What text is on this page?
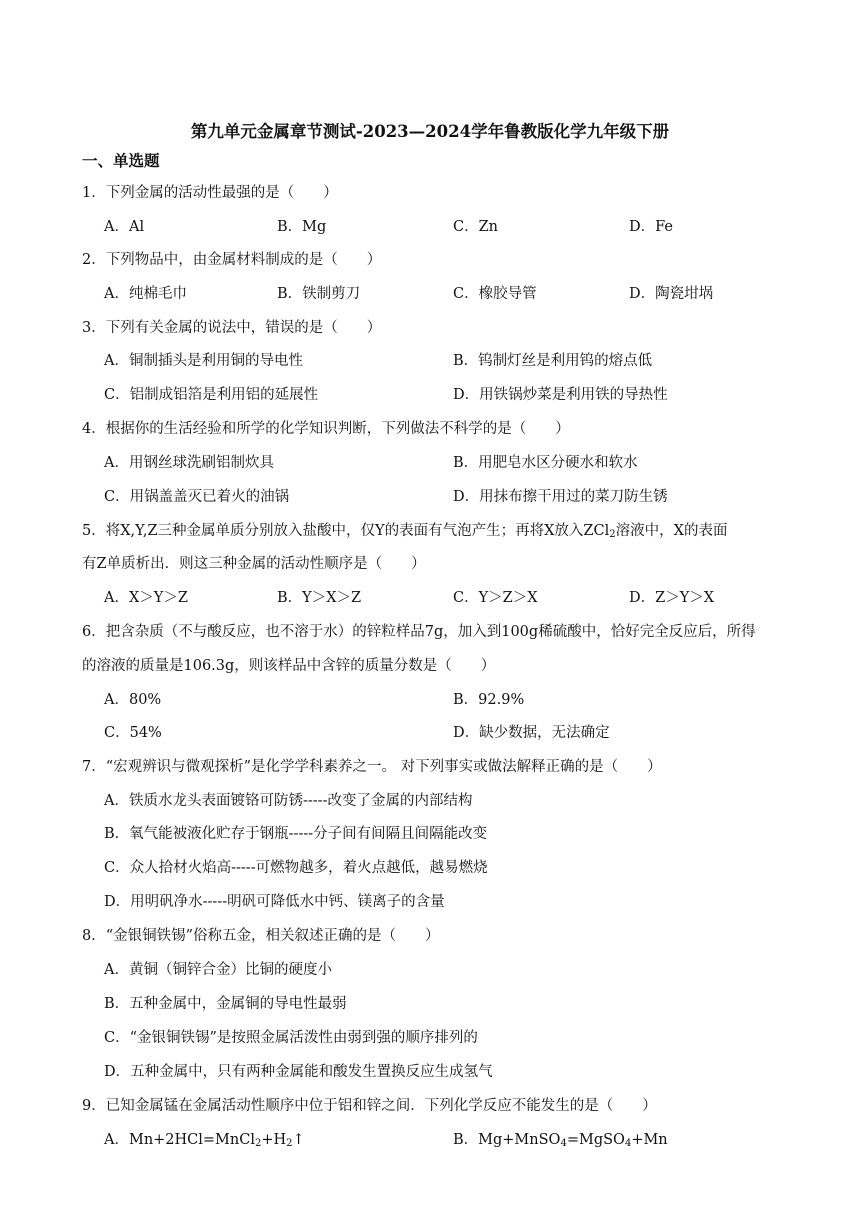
第九单元金属章节测试-2023—2024学年鲁教版化学九年级下册
一、单选题
1．下列金属的活动性最强的是（　　）
A．Al	B．Mg	C．Zn	D．Fe
2．下列物品中，由金属材料制成的是（　　）
A．纯棉毛巾	B．铁制剪刀	C．橡胶导管	D．陶瓷坩埚
3．下列有关金属的说法中，错误的是（　　）
A．铜制插头是利用铜的导电性	B．钨制灯丝是利用钨的熔点低
C．铝制成铝箔是利用铝的延展性	D．用铁锅炒菜是利用铁的导热性
4．根据你的生活经验和所学的化学知识判断，下列做法不科学的是（　　）
A．用钢丝球洗刷铝制炊具	B．用肥皂水区分硬水和软水
C．用锅盖盖灭已着火的油锅	D．用抹布擦干用过的菜刀防生锈
5．将X,Y,Z三种金属单质分别放入盐酸中，仅Y的表面有气泡产生；再将X放入ZCl$_2$溶液中，X的表面
有Z单质析出．则这三种金属的活动性顺序是（　　）
A．X＞Y＞Z	B．Y＞X＞Z	C．Y＞Z＞X	D．Z＞Y＞X
6．把含杂质（不与酸反应，也不溶于水）的锌粒样品7g，加入到100g稀硫酸中，恰好完全反应后，所得
的溶液的质量是106.3g，则该样品中含锌的质量分数是（　　）
A．80%	B．92.9%
C．54%	D．缺少数据，无法确定
7．“宏观辨识与微观探析”是化学学科素养之一。 对下列事实或做法解释正确的是（　　）
A．铁质水龙头表面镀铬可防锈-----改变了金属的内部结构
B．氧气能被液化贮存于钢瓶-----分子间有间隔且间隔能改变
C．众人拾材火焰高-----可燃物越多，着火点越低，越易燃烧
D．用明矾净水-----明矾可降低水中钙、镁离子的含量
8．“金银铜铁锡”俗称五金，相关叙述正确的是（　　）
A．黄铜（铜锌合金）比铜的硬度小
B．五种金属中，金属铜的导电性最弱
C．“金银铜铁锡”是按照金属活泼性由弱到强的顺序排列的
D．五种金属中，只有两种金属能和酸发生置换反应生成氢气
9．已知金属锰在金属活动性顺序中位于铝和锌之间．下列化学反应不能发生的是（　　）
A．$Mn+2HCl=MnCl_2+H_2↑$	B．Mg+MnSO$_4$=MgSO$_4$+Mn
